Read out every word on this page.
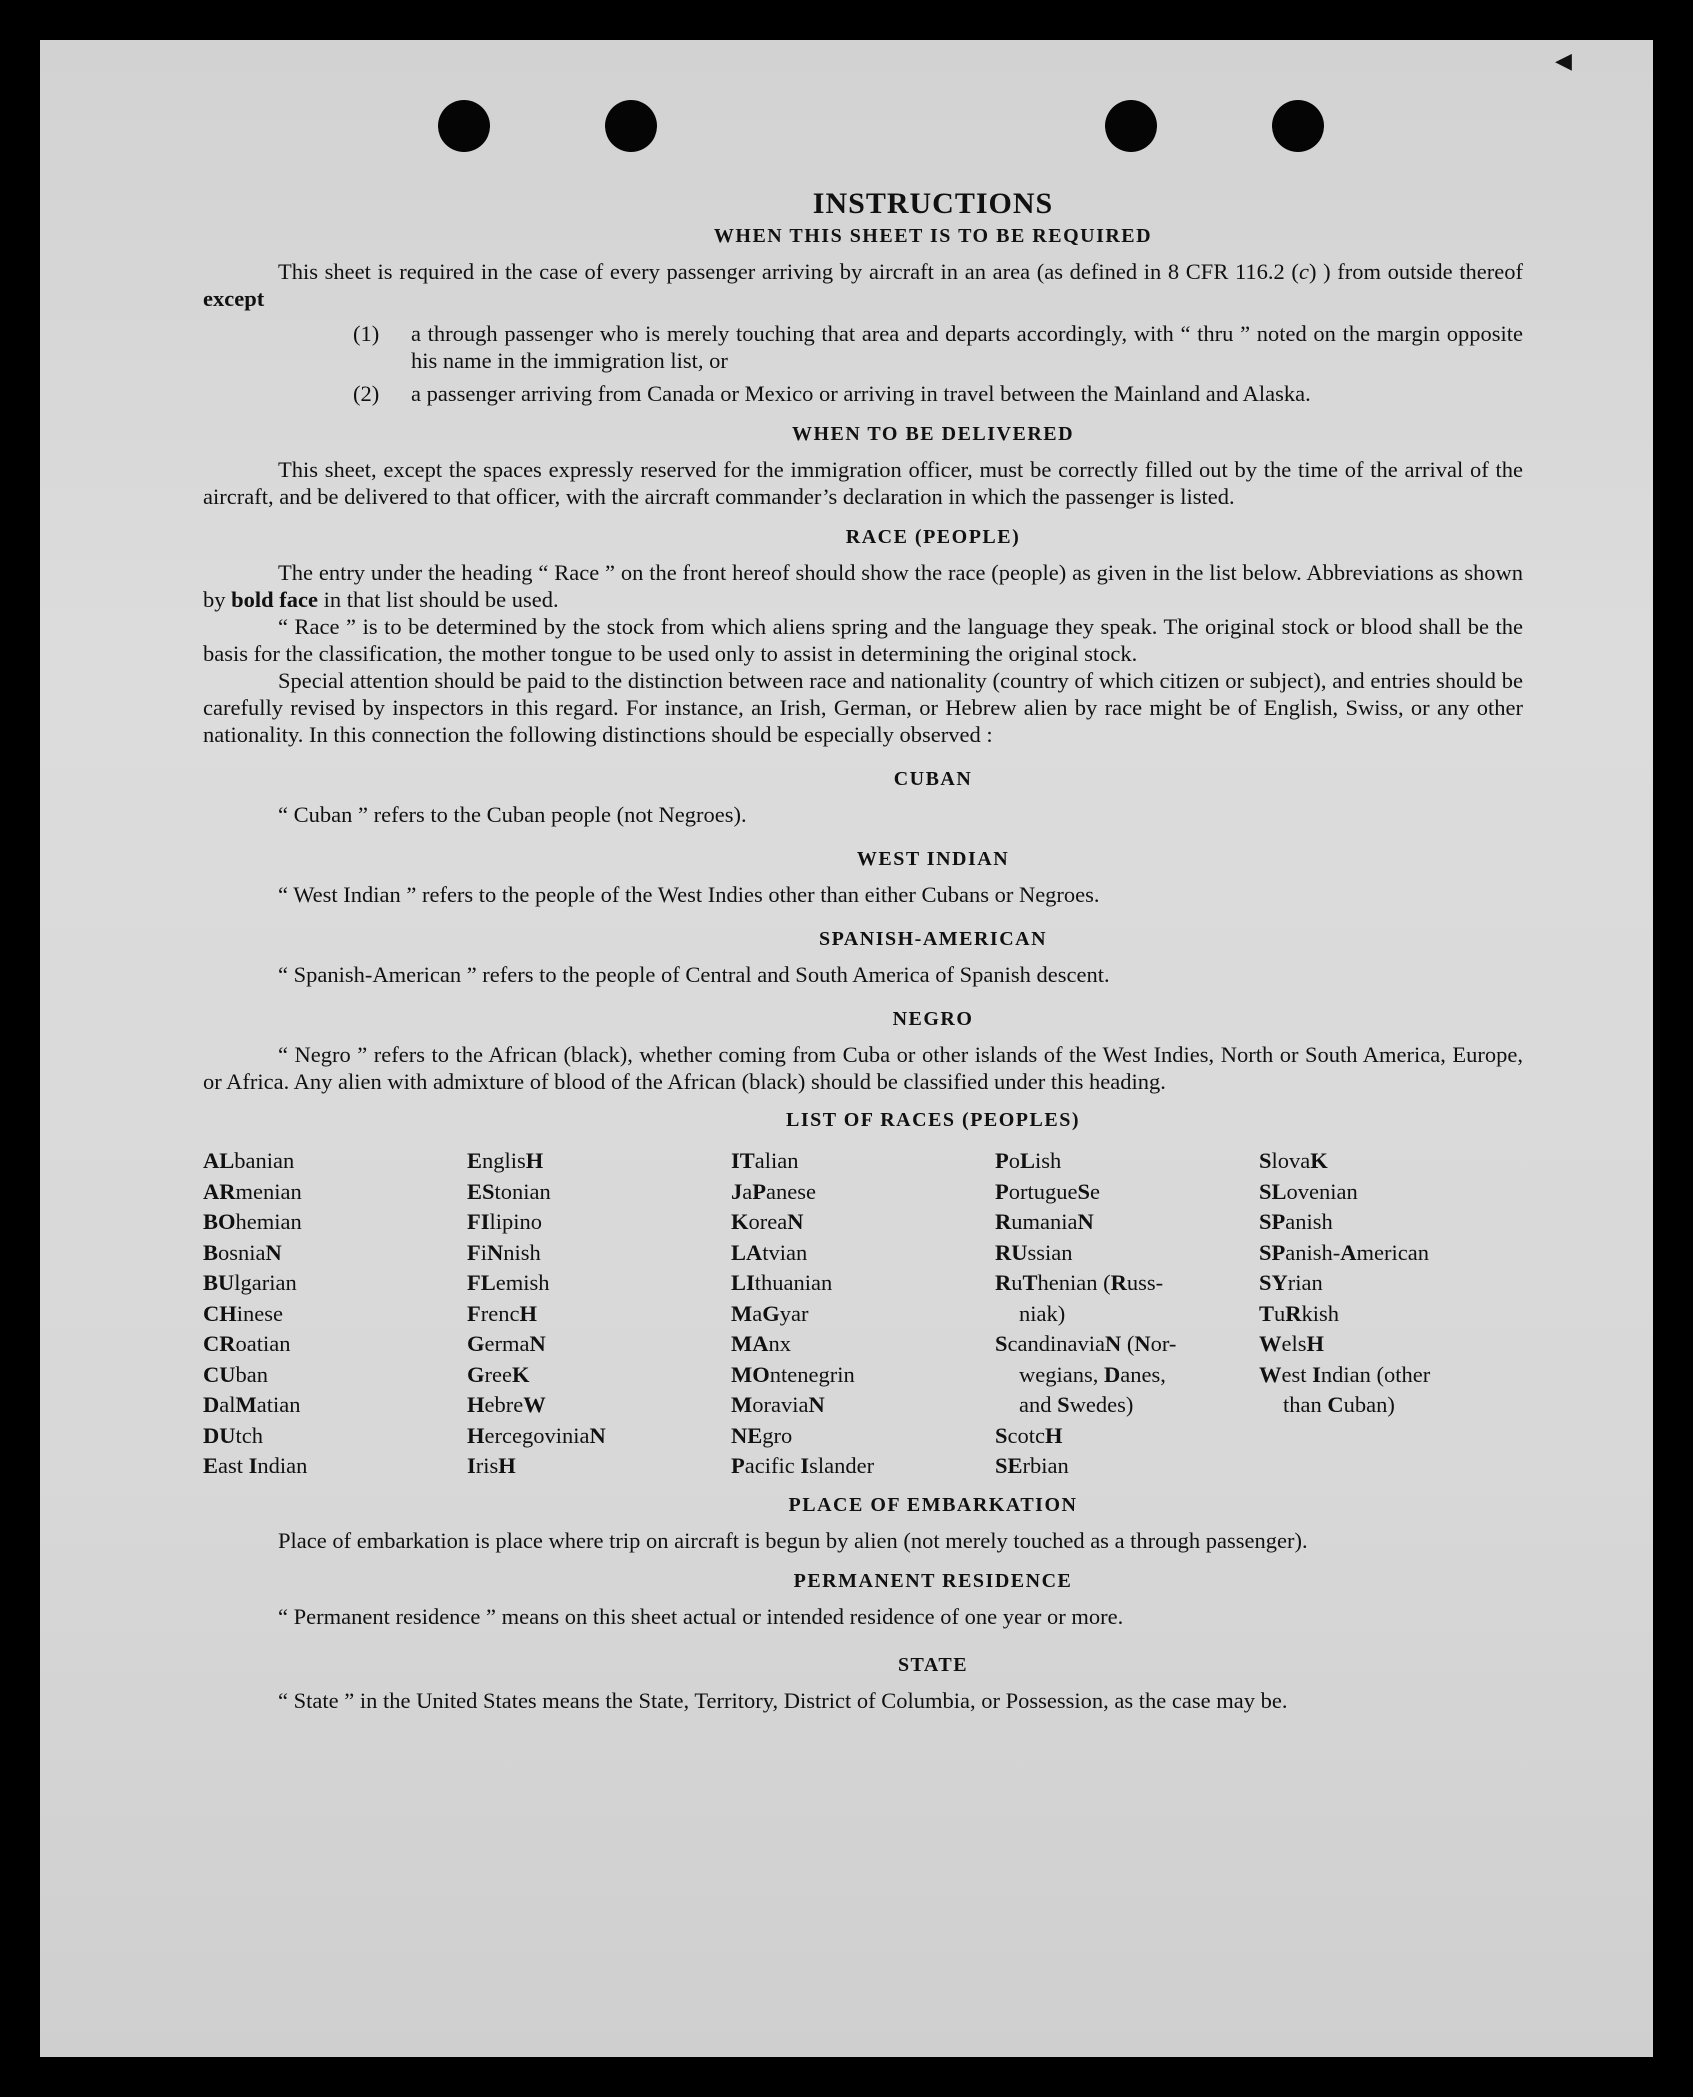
◀
INSTRUCTIONS
WHEN THIS SHEET IS TO BE REQUIRED

This sheet is required in the case of every passenger arriving by aircraft in an area (as defined in 8 CFR 116.2 (c) ) from outside thereof except

(1)	a through passenger who is merely touching that area and departs accordingly, with “ thru ” noted on the margin opposite his name in the immigration list, or
(2)	a passenger arriving from Canada or Mexico or arriving in travel between the Mainland and Alaska.
WHEN TO BE DELIVERED

This sheet, except the spaces expressly reserved for the immigration officer, must be correctly filled out by the time of the arrival of the aircraft, and be delivered to that officer, with the aircraft commander’s declaration in which the passenger is listed.

RACE (PEOPLE)

The entry under the heading “ Race ” on the front hereof should show the race (people) as given in the list below. Abbreviations as shown by bold face in that list should be used.

“ Race ” is to be determined by the stock from which aliens spring and the language they speak. The original stock or blood shall be the basis for the classification, the mother tongue to be used only to assist in determining the original stock.

Special attention should be paid to the distinction between race and nationality (country of which citizen or subject), and entries should be carefully revised by inspectors in this regard. For instance, an Irish, German, or Hebrew alien by race might be of English, Swiss, or any other nationality. In this connection the following distinctions should be especially observed :

CUBAN

“ Cuban ” refers to the Cuban people (not Negroes).

WEST INDIAN

“ West Indian ” refers to the people of the West Indies other than either Cubans or Negroes.

SPANISH-AMERICAN

“ Spanish-American ” refers to the people of Central and South America of Spanish descent.

NEGRO

“ Negro ” refers to the African (black), whether coming from Cuba or other islands of the West Indies, North or South America, Europe, or Africa. Any alien with admixture of blood of the African (black) should be classified under this heading.

LIST OF RACES (PEOPLES)
ALbanian
ARmenian
BOhemian
BosniaN
BUlgarian
CHinese
CRoatian
CUban
DalMatian
DUtch
East Indian
EnglisH
EStonian
FIlipino
FiNnish
FLemish
FrencH
GermaN
GreeK
HebreW
HercegoviniaN
IrisH
ITalian
JaPanese
KoreaN
LAtvian
LIthuanian
MaGyar
MAnx
MOntenegrin
MoraviaN
NEgro
Pacific Islander
PoLish
PortugueSe
RumaniaN
RUssian
RuThenian (Russ-
niak)
ScandinaviaN (Nor-
wegians, Danes,
and Swedes)
ScotcH
SErbian
SlovaK
SLovenian
SPanish
SPanish-American
SYrian
TuRkish
WelsH
West Indian (other
than Cuban)
PLACE OF EMBARKATION

Place of embarkation is place where trip on aircraft is begun by alien (not merely touched as a through passenger).

PERMANENT RESIDENCE

“ Permanent residence ” means on this sheet actual or intended residence of one year or more.

STATE

“ State ” in the United States means the State, Territory, District of Columbia, or Possession, as the case may be.
